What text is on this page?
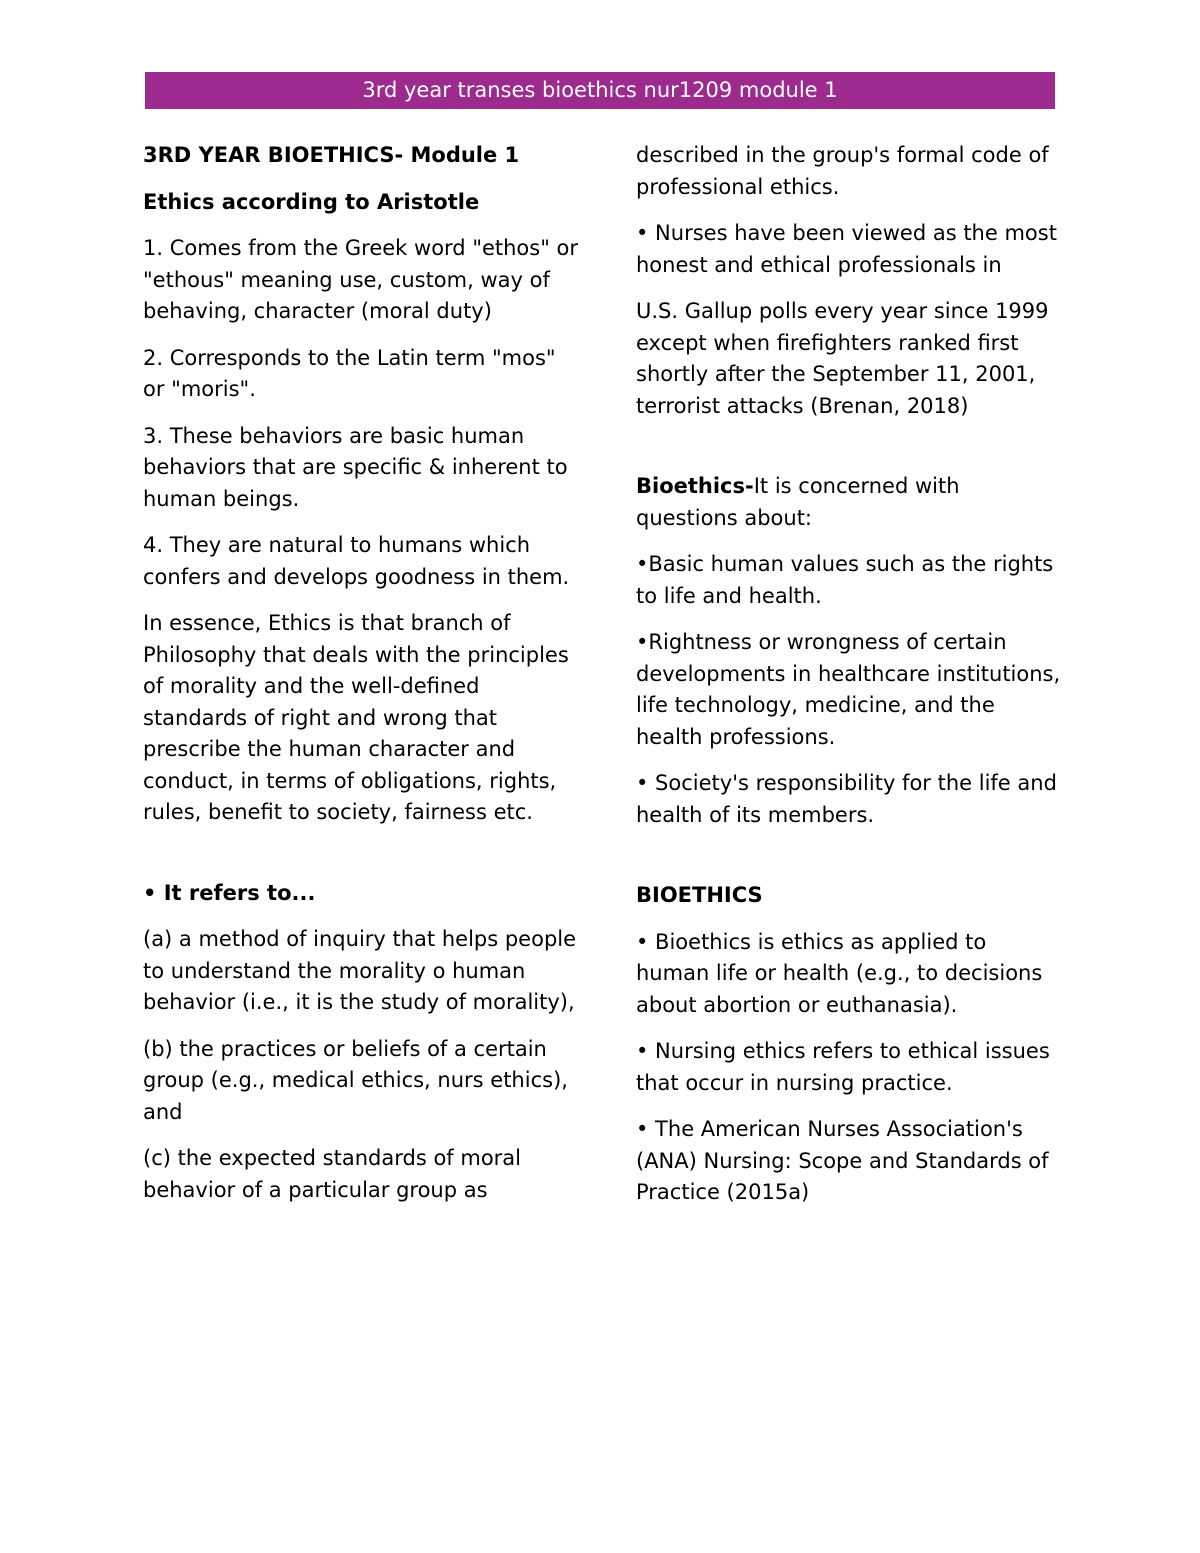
3rd year transes bioethics nur1209 module 1

3RD YEAR BIOETHICS- Module 1

Ethics according to Aristotle

1. Comes from the Greek word "ethos" or "ethous" meaning use, custom, way of behaving, character (moral duty)

2. Corresponds to the Latin term "mos" or "moris".

3. These behaviors are basic human behaviors that are specific & inherent to human beings.

4. They are natural to humans which confers and develops goodness in them.

In essence, Ethics is that branch of Philosophy that deals with the principles of morality and the well-defined standards of right and wrong that prescribe the human character and conduct, in terms of obligations, rights, rules, benefit to society, fairness etc.

• It refers to...

(a) a method of inquiry that helps people to understand the morality o human behavior (i.e., it is the study of morality),

(b) the practices or beliefs of a certain group (e.g., medical ethics, nurs ethics), and

(c) the expected standards of moral behavior of a particular group as

described in the group's formal code of professional ethics.

• Nurses have been viewed as the most honest and ethical professionals in

U.S. Gallup polls every year since 1999 except when firefighters ranked first shortly after the September 11, 2001, terrorist attacks (Brenan, 2018)

Bioethics-It is concerned with questions about:

•Basic human values such as the rights to life and health.

•Rightness or wrongness of certain developments in healthcare institutions, life technology, medicine, and the health professions.

• Society's responsibility for the life and health of its members.

BIOETHICS

• Bioethics is ethics as applied to human life or health (e.g., to decisions about abortion or euthanasia).

• Nursing ethics refers to ethical issues that occur in nursing practice.

• The American Nurses Association's (ANA) Nursing: Scope and Standards of Practice (2015a)
